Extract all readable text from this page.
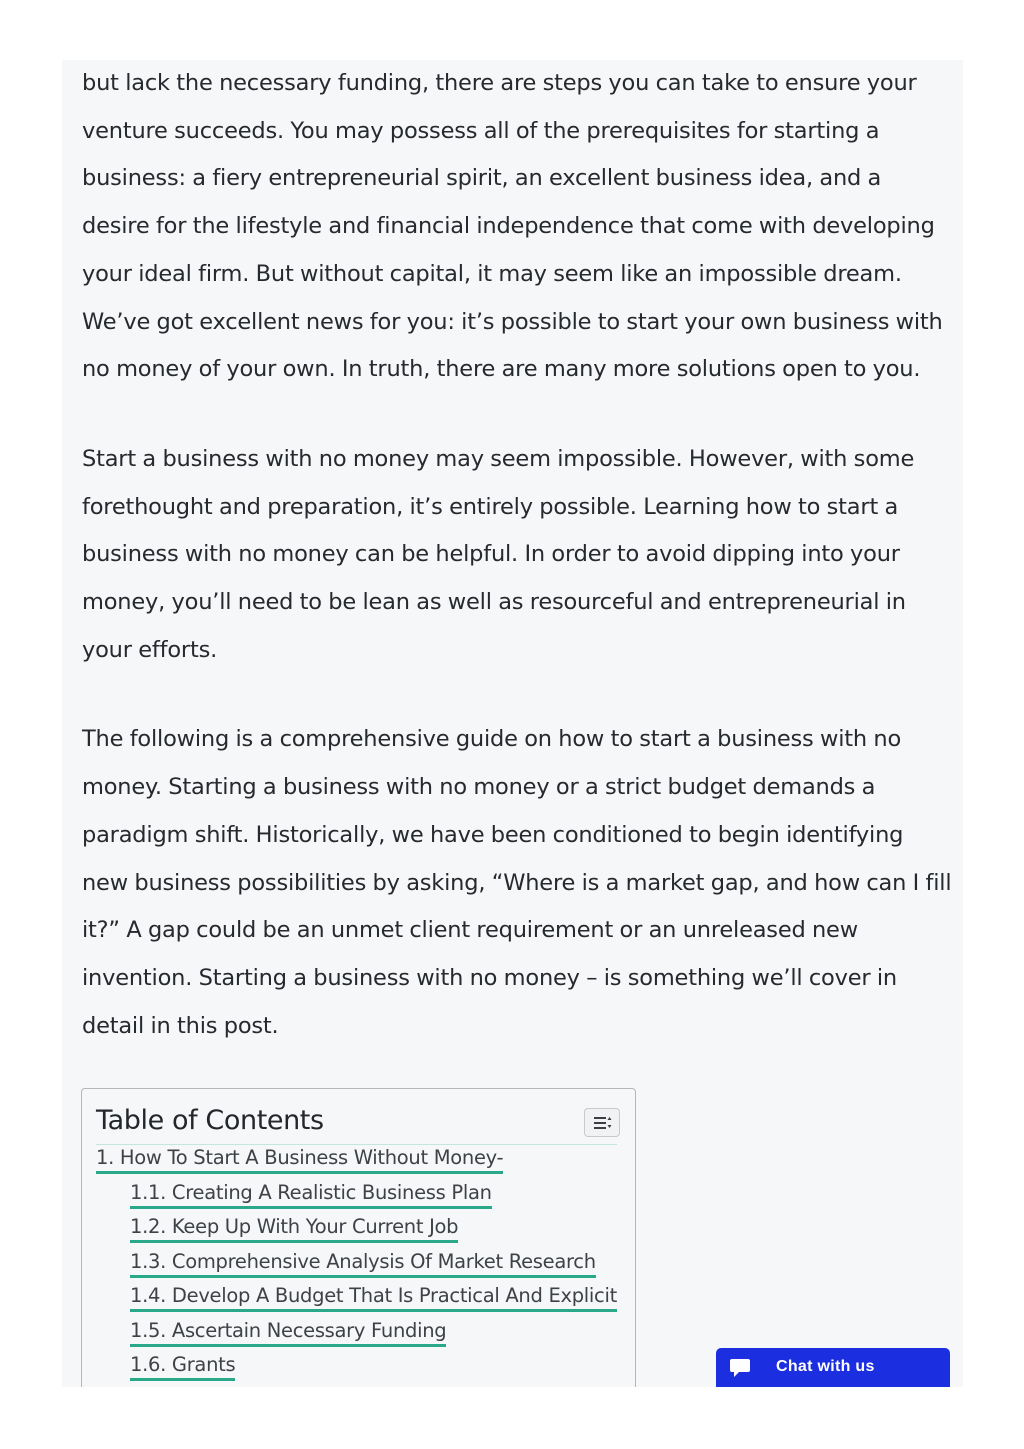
but lack the necessary funding, there are steps you can take to ensure your venture succeeds. You may possess all of the prerequisites for starting a business: a fiery entrepreneurial spirit, an excellent business idea, and a desire for the lifestyle and financial independence that come with developing your ideal firm. But without capital, it may seem like an impossible dream. We’ve got excellent news for you: it’s possible to start your own business with no money of your own. In truth, there are many more solutions open to you.

Start a business with no money may seem impossible. However, with some forethought and preparation, it’s entirely possible. Learning how to start a business with no money can be helpful. In order to avoid dipping into your money, you’ll need to be lean as well as resourceful and entrepreneurial in your efforts.

The following is a comprehensive guide on how to start a business with no money. Starting a business with no money or a strict budget demands a paradigm shift. Historically, we have been conditioned to begin identifying new business possibilities by asking, “Where is a market gap, and how can I fill it?” A gap could be an unmet client requirement or an unreleased new invention. Starting a business with no money – is something we’ll cover in detail in this post.

Table of Contents
1. How To Start A Business Without Money-
1.1. Creating A Realistic Business Plan
1.2. Keep Up With Your Current Job
1.3. Comprehensive Analysis Of Market Research
1.4. Develop A Budget That Is Practical And Explicit
1.5. Ascertain Necessary Funding
1.6. Grants	Chat with us
